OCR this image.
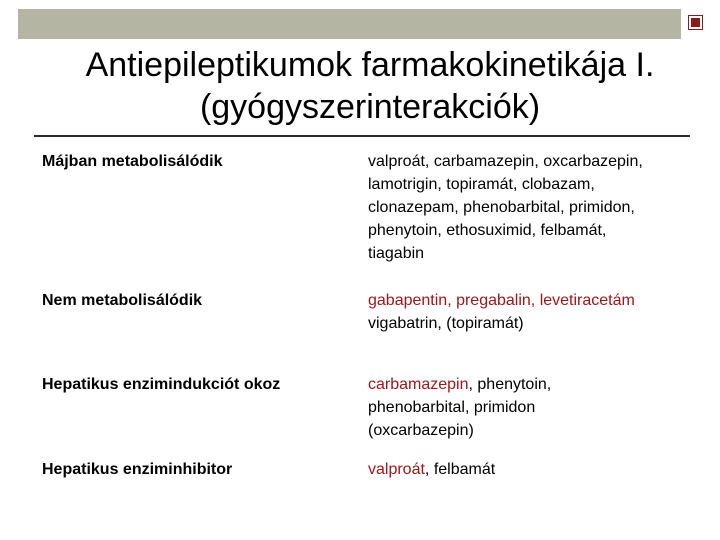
Antiepileptikumok farmakokinetikája I.
(gyógyszerinterakciók)
Májban metabolisálódik	valproát, carbamazepin, oxcarbazepin,
lamotrigin, topiramát, clobazam,
clonazepam, phenobarbital, primidon,
phenytoin, ethosuximid, felbamát,
tiagabin
Nem metabolisálódik	gabapentin, pregabalin, levetiracetám
vigabatrin, (topiramát)
Hepatikus enzimindukciót okoz	carbamazepin, phenytoin,
phenobarbital, primidon
(oxcarbazepin)
Hepatikus enziminhibitor	valproát, felbamát
